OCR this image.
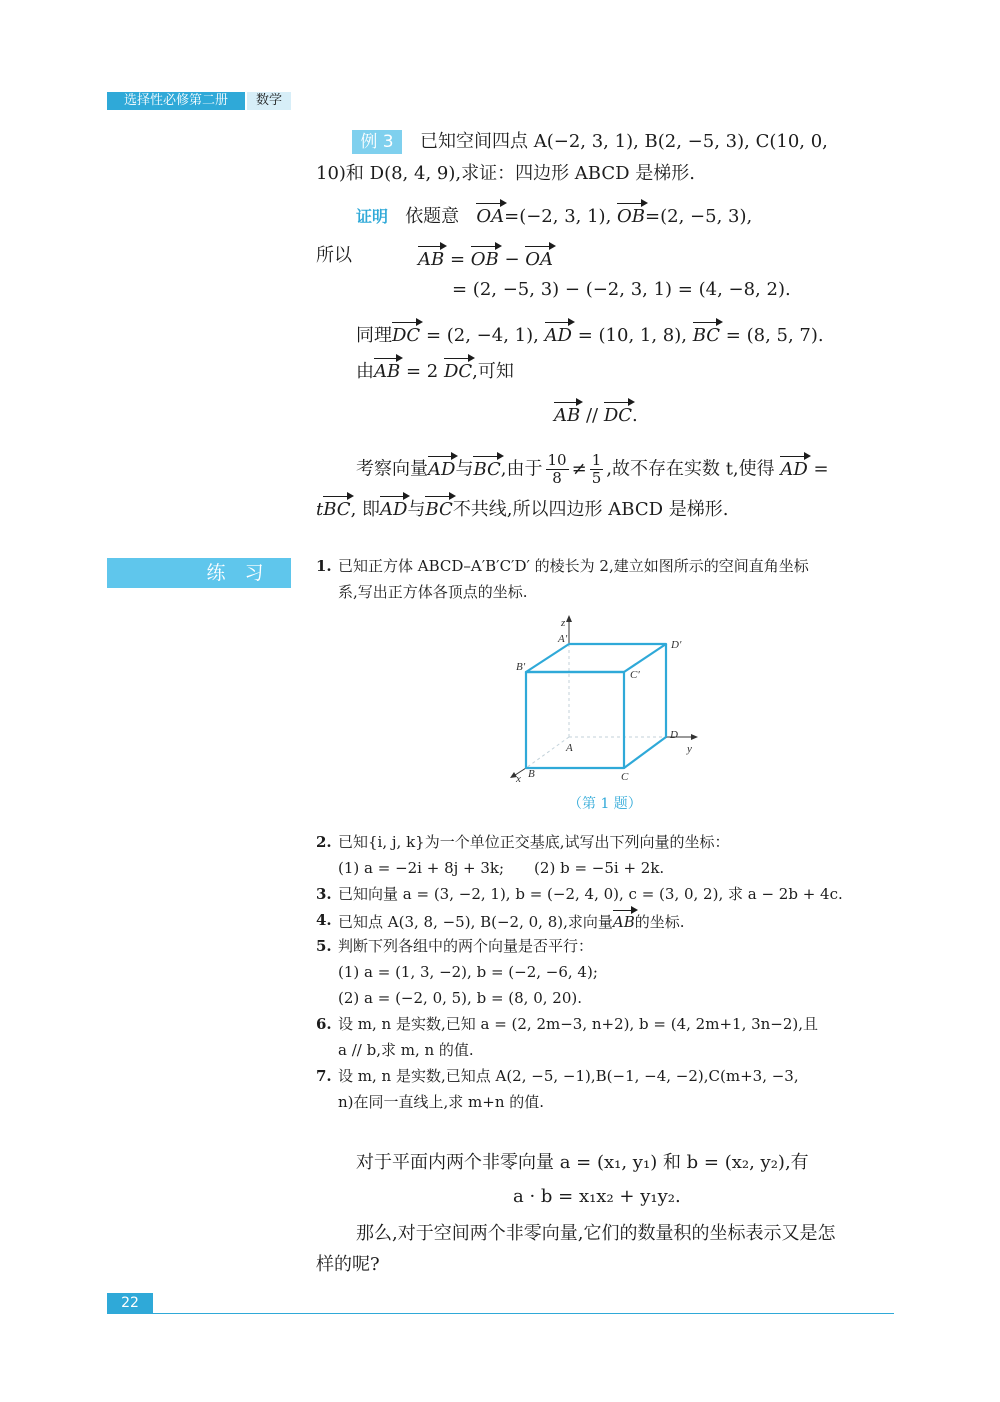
选择性必修第二册	数学
例 3	已知空间四点 A(−2, 3, 1), B(2, −5, 3), C(10, 0,
10)和 D(8, 4, 9),求证：四边形 ABCD 是梯形.
证明 依题意 OA=(−2, 3, 1), OB=(2, −5, 3),
所以	AB = OB − OA
= (2, −5, 3) − (−2, 3, 1) = (4, −8, 2).
同理DC = (2, −4, 1), AD = (10, 1, 8), BC = (8, 5, 7).
由AB = 2 DC,可知
AB // DC.
考察向量AD与BC,由于 $\frac{10}{8} \ne \frac{1}{5}$ ,故不存在实数 t,使得 AD =
tBC, 即AD与BC不共线,所以四边形 ABCD 是梯形.
练　习	1. 已知正方体 ABCD–A′B′C′D′ 的棱长为 2,建立如图所示的空间直角坐标
系,写出正方体各顶点的坐标.
z
y
x
A′
B′
C′
D′
A
B	C
D
（第 1 题）
2. 已知{i, j, k}为一个单位正交基底,试写出下列向量的坐标：
(1) a = −2i + 8j + 3k;　　(2) b = −5i + 2k.
3. 已知向量 a = (3, −2, 1), b = (−2, 4, 0), c = (3, 0, 2), 求 a − 2b + 4c.
4. 已知点 A(3, 8, −5), B(−2, 0, 8),求向量AB的坐标.
5. 判断下列各组中的两个向量是否平行：
(1) a = (1, 3, −2), b = (−2, −6, 4);
(2) a = (−2, 0, 5), b = (8, 0, 20).
6. 设 m, n 是实数,已知 a = (2, 2m−3, n+2), b = (4, 2m+1, 3n−2),且
a // b,求 m, n 的值.
7. 设 m, n 是实数,已知点 A(2, −5, −1),B(−1, −4, −2),C(m+3, −3,
n)在同一直线上,求 m+n 的值.
对于平面内两个非零向量 a = (x₁, y₁) 和 b = (x₂, y₂),有
a · b = x₁x₂ + y₁y₂.
那么,对于空间两个非零向量,它们的数量积的坐标表示又是怎
样的呢?
22
